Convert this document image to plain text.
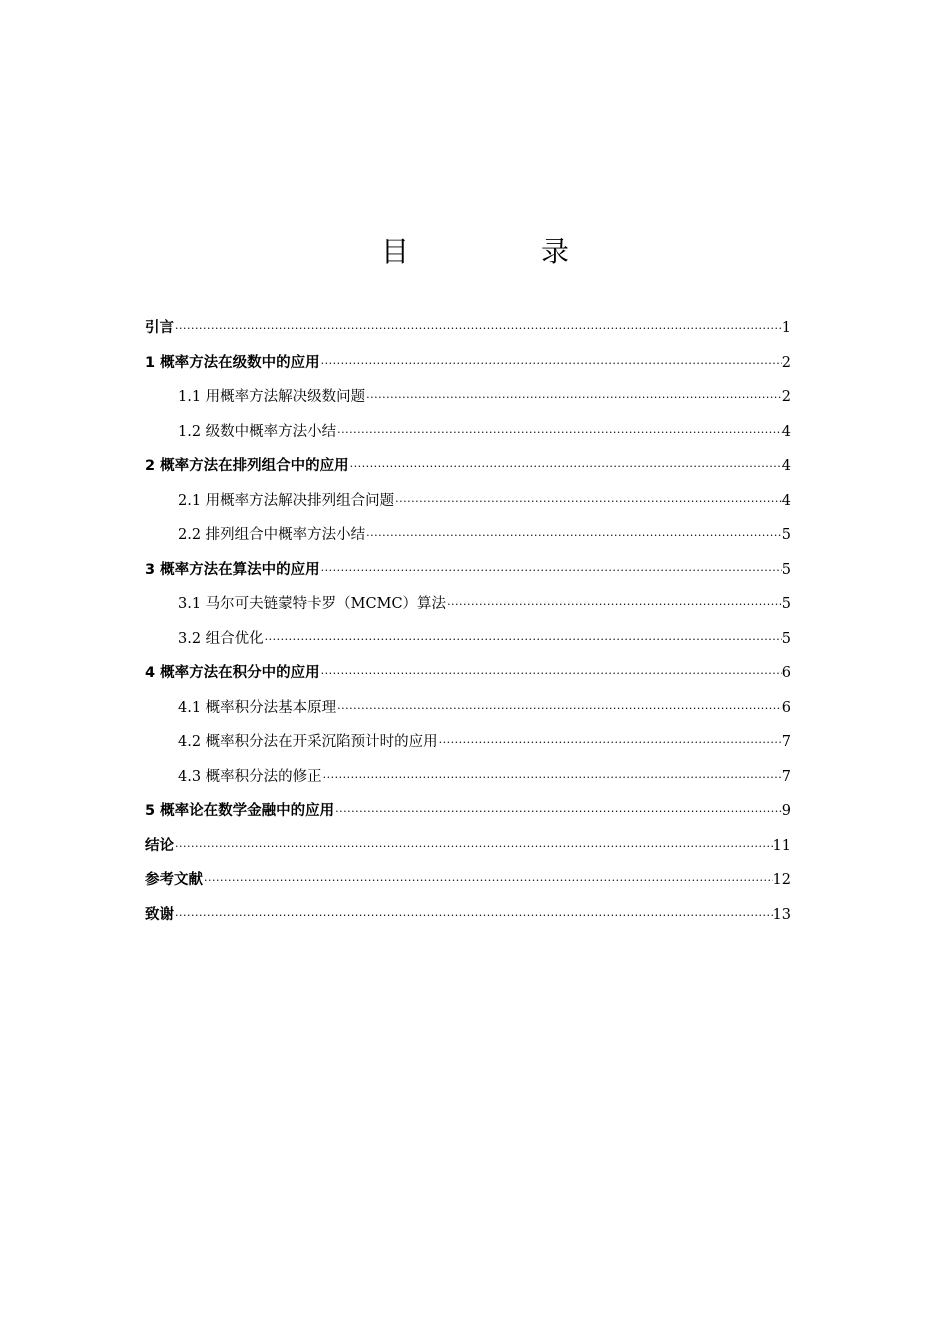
目　录
引言 ·····	1
1 概率方法在级数中的应用 ·····	2
1.1 用概率方法解决级数问题 ·····	2
1.2 级数中概率方法小结 ·····	4
2 概率方法在排列组合中的应用 ·····	4
2.1 用概率方法解决排列组合问题 ·····	4
2.2 排列组合中概率方法小结 ·····	5
3 概率方法在算法中的应用 ·····	5
3.1 马尔可夫链蒙特卡罗（MCMC）算法 ·····	5
3.2 组合优化 ·····	5
4 概率方法在积分中的应用 ·····	6
4.1 概率积分法基本原理 ·····	6
4.2 概率积分法在开采沉陷预计时的应用 ·····	7
4.3 概率积分法的修正 ·····	7
5 概率论在数学金融中的应用 ·····	9
结论 ·····	11
参考文献 ·····	12
致谢 ·····	13
